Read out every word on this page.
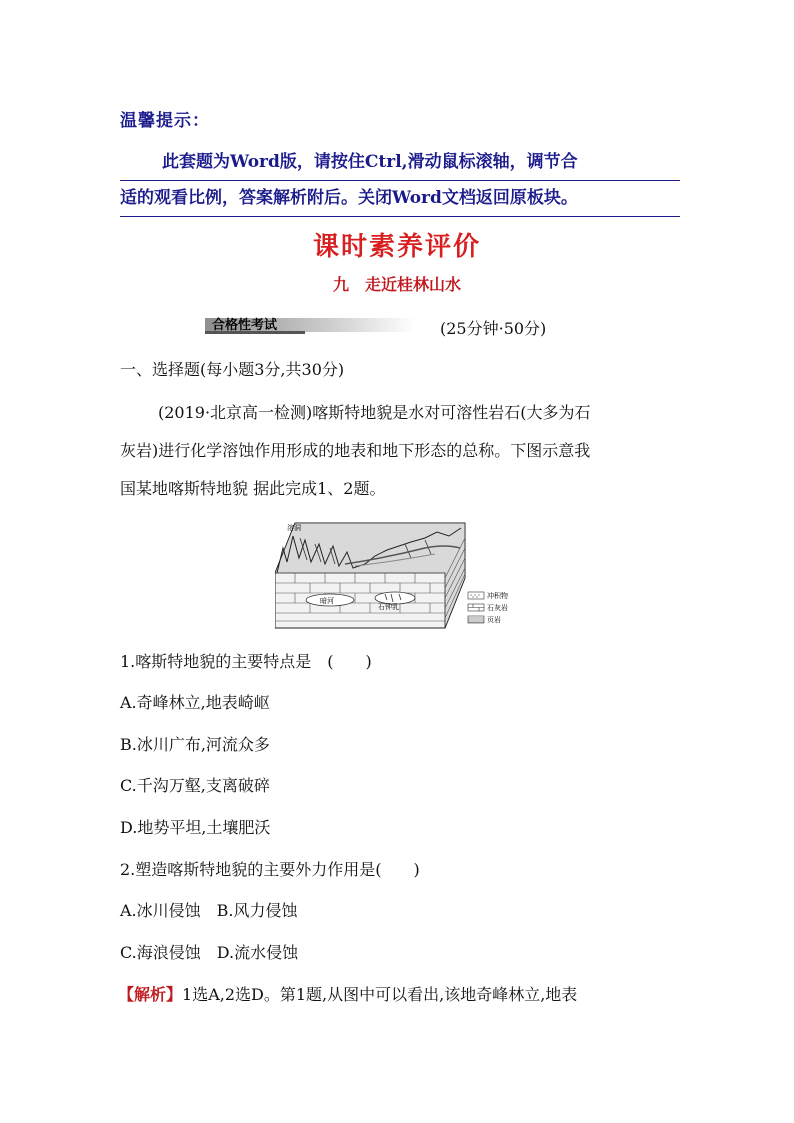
温馨提示：
此套题为Word版，请按住Ctrl,滑动鼠标滚轴，调节合
适的观看比例，答案解析附后。关闭Word文档返回原板块。
课时素养评价
九　走近桂林山水
合格性考试	(25分钟·50分)
一、选择题(每小题3分,共30分)
(2019·北京高一检测)喀斯特地貌是水对可溶性岩石(大多为石
灰岩)进行化学溶蚀作用形成的地表和地下形态的总称。下图示意我
国某地喀斯特地貌 据此完成1、2题。
溶洞
暗河
石钟乳
冲积物
石灰岩
页岩
1.喀斯特地貌的主要特点是　(　　)
A.奇峰林立,地表崎岖
B.冰川广布,河流众多
C.千沟万壑,支离破碎
D.地势平坦,土壤肥沃
2.塑造喀斯特地貌的主要外力作用是(　　)
A.冰川侵蚀　B.风力侵蚀
C.海浪侵蚀　D.流水侵蚀
【解析】1选A,2选D。第1题,从图中可以看出,该地奇峰林立,地表
